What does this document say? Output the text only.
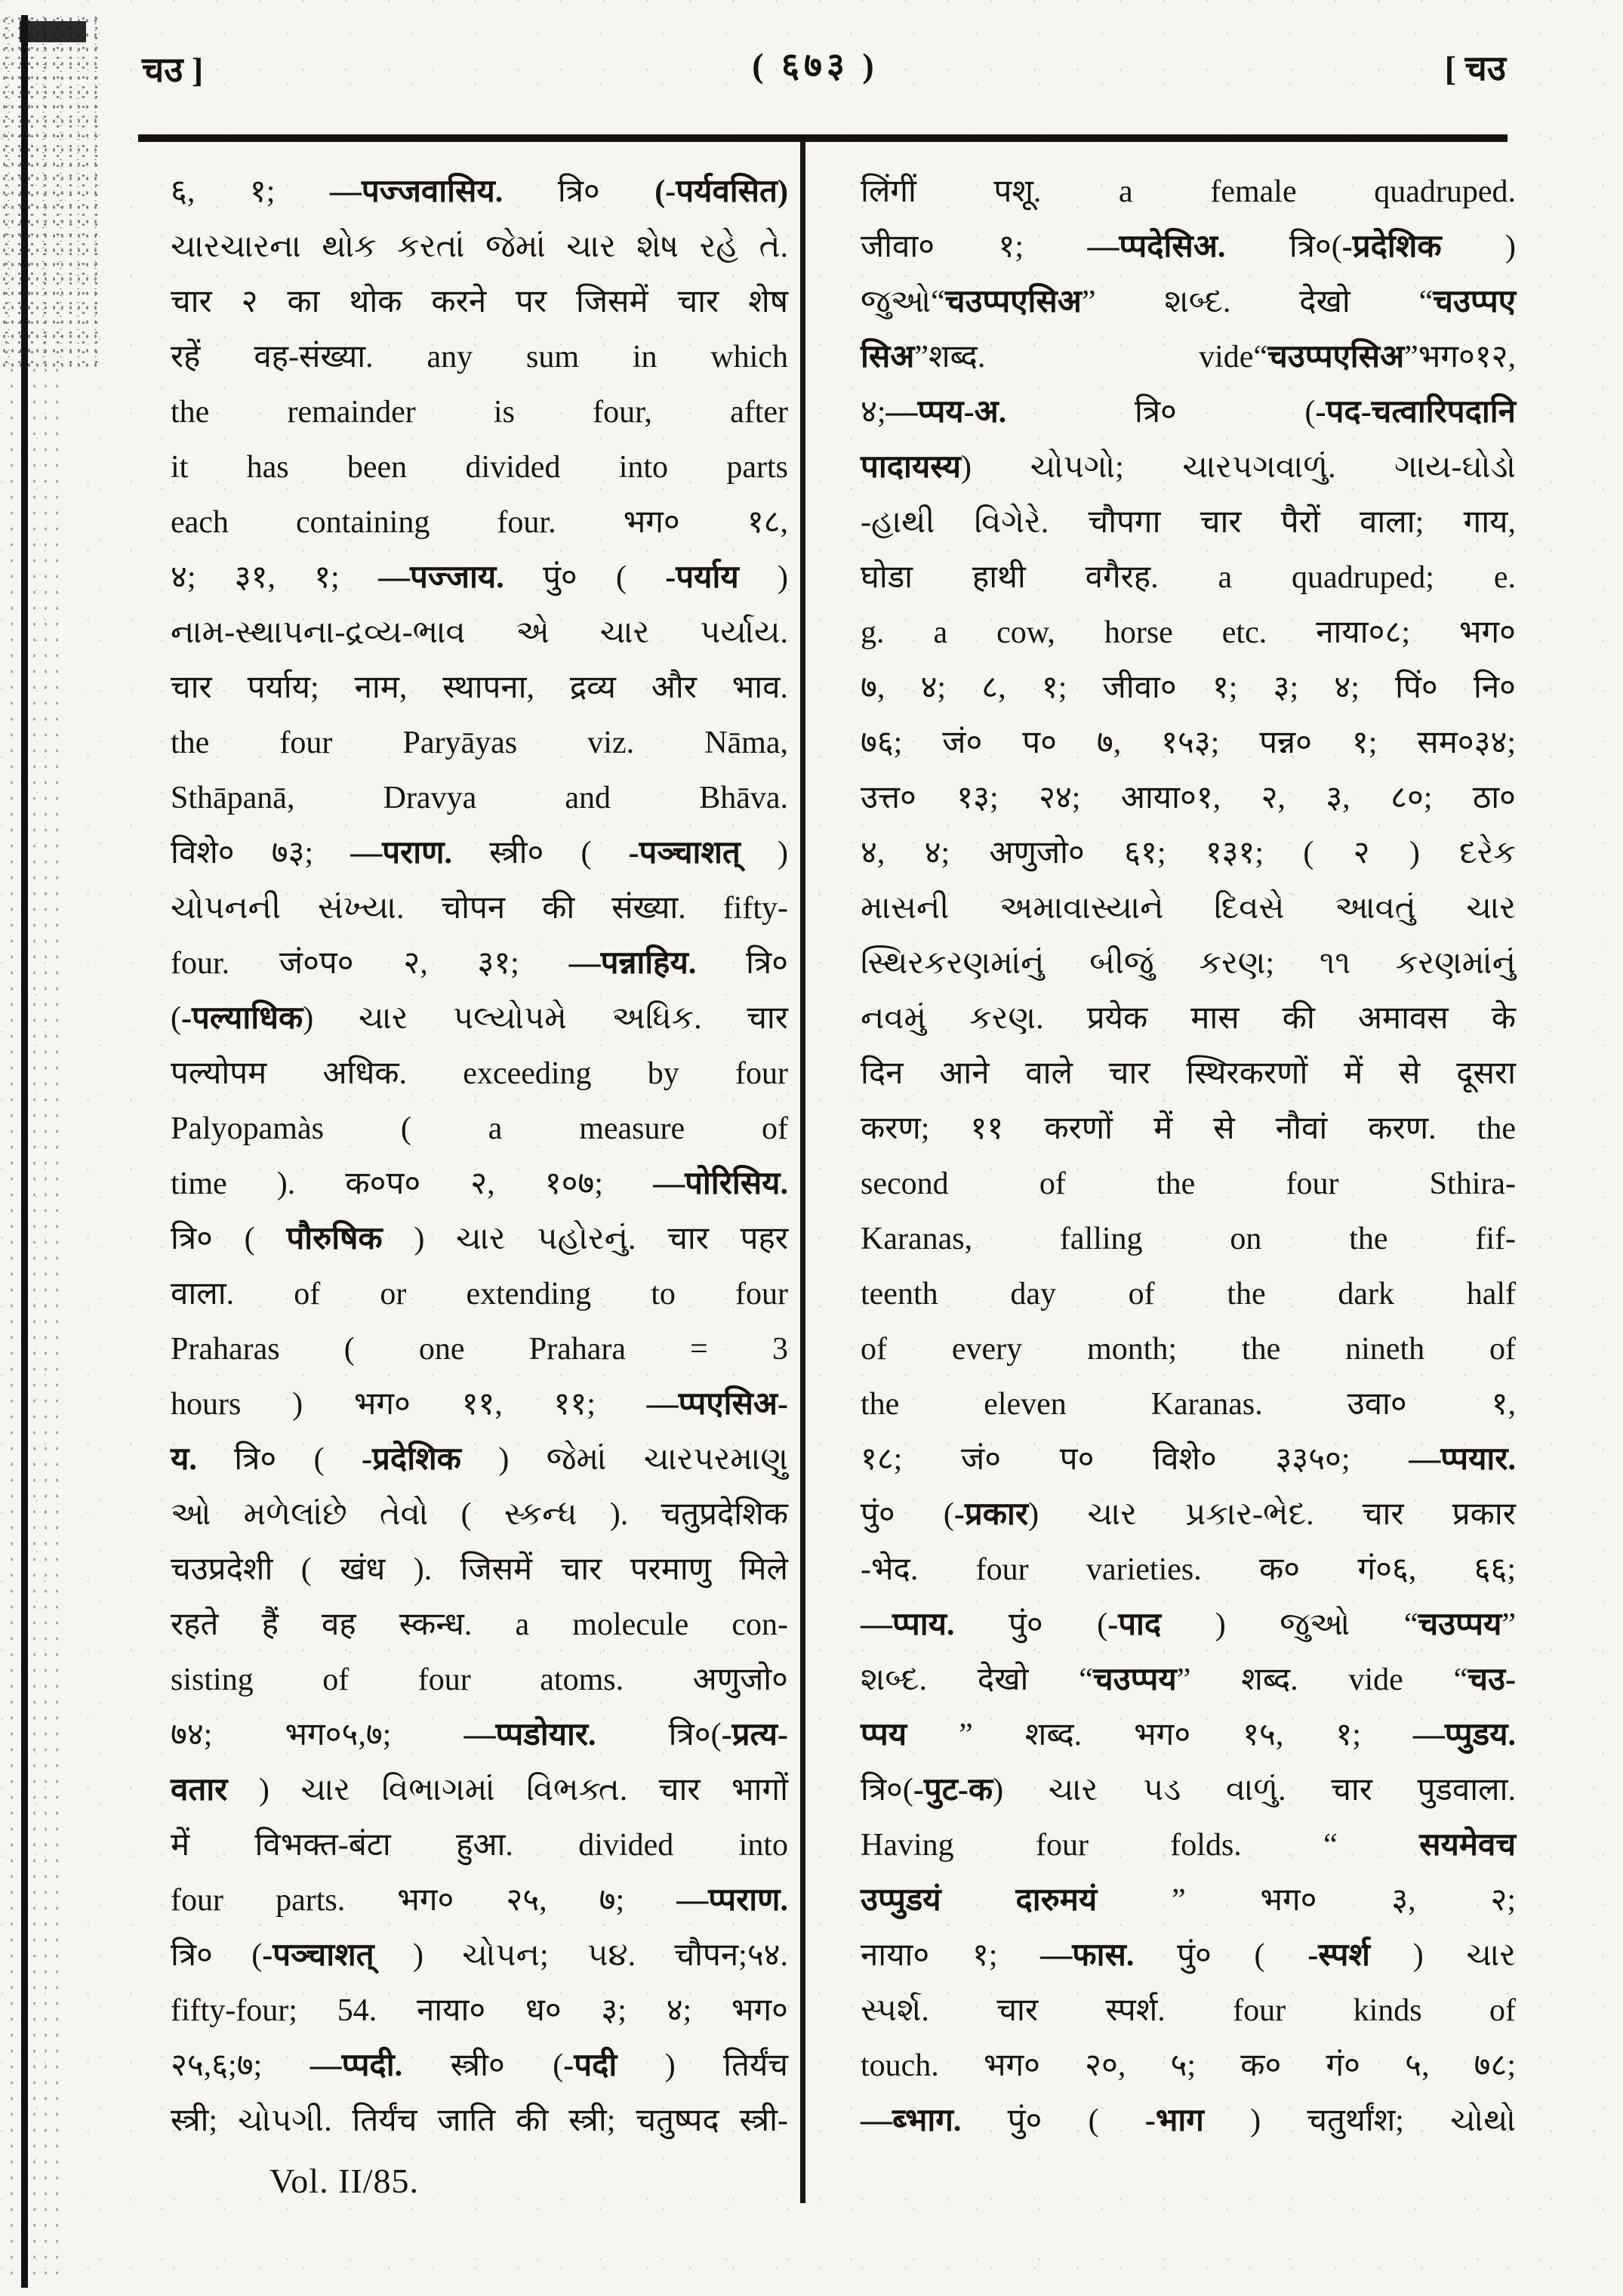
चउ ]	( ६७३ )	[ चउ
६, १; —पज्जवासिय. त्रि० (-पर्यवसित)
ચારચારના થોક કરતાં જેમાં ચાર શેષ રહે તે.
चार २ का थोक करने पर जिसमें चार शेष
रहें वह-संख्या. any sum in which
the remainder is four, after
it has been divided into parts
each containing four. भग० १८,
४; ३१, १; —पज्जाय. पुं० ( -पर्याय )
નામ-સ્થાપના-દ્રવ્ય-ભાવ એ ચાર પર્યાય.
चार पर्याय; नाम, स्थापना, द्रव्य और भाव.
the four Paryāyas viz. Nāma,
Sthāpanā, Dravya and Bhāva.
विशे० ७३; —पराण. स्त्री० ( -पञ्चाशत् )
ચોપનની સંખ્યા. चोपन की संख्या. fifty-
four. जं०प० २, ३१; —पन्नाहिय. त्रि०
(-पल्याधिक) ચાર પલ્યોપમે અધિક. चार
पल्योपम अधिक. exceeding by four
Palyopamàs ( a measure of
time ). क०प० २, १०७; —पोरिसिय.
त्रि० ( पौरुषिक ) ચાર પહોરનું. चार पहर
वाला. of or extending to four
Praharas ( one Prahara = 3
hours ) भग० ११, ११; —प्पएसिअ-
य. त्रि० ( -प्रदेशिक ) જેમાં ચારપરમાણુ
ઓ મળેલાંછે તેવો ( સ્કન્ધ ). चतुप्रदेशिक
चउप्रदेशी ( खंध ). जिसमें चार परमाणु मिले
रहते हैं वह स्कन्ध. a molecule con-
sisting of four atoms. अणुजो०
७४; भग०५,७; —प्पडोयार. त्रि०(-प्रत्य-
वतार ) ચાર વિભાગમાં વિભક્ત. चार भागों
में विभक्त-बंटा हुआ. divided into
four parts. भग० २५, ७; —प्पराण.
त्रि० (-पञ्चाशत् ) ચોપન; ૫૪. चौपन;५४.
fifty-four; 54. नाया० ध० ३; ४; भग०
२५,६;७; —प्पदी. स्त्री० (-पदी ) तिर्यंच
स्त्री; ચોપગી. तिर्यंच जाति की स्त्री; चतुष्पद स्त्री-
लिंगीं पशू. a female quadruped.
जीवा० १; —प्पदेसिअ. त्रि०(-प्रदेशिक )
જુઓ“चउप्पएसिअ” શબ્દ. देखो “चउप्पए
सिअ”शब्द. vide“चउप्पएसिअ”भग०१२,
४;—प्पय-अ. त्रि० (-पद-चत्वारिपदानि
पादायस्य) ચોપગો; ચારપગવાળું. ગાય-ઘોડો
-હાથી વિગેરે. चौपगा चार पैरों वाला; गाय,
घोडा हाथी वगैरह. a quadruped; e.
g. a cow, horse etc. नाया०८; भग०
७, ४; ८, १; जीवा० १; ३; ४; पिं० नि०
७६; जं० प० ७, १५३; पन्न० १; सम०३४;
उत्त० १३; २४; आया०१, २, ३, ८०; ठा०
४, ४; अणुजो० ६१; १३१; ( २ ) દરેક
માસની અમાવાસ્યાને દિવસે આવતું ચાર
સ્થિરકરણમાંનું બીજું કરણ; ૧૧ કરણમાંનું
નવમું કરણ. प्रयेक मास की अमावस के
दिन आने वाले चार स्थिरकरणों में से दूसरा
करण; ११ करणों में से नौवां करण. the
second of the four Sthira-
Karanas, falling on the fif-
teenth day of the dark half
of every month; the nineth of
the eleven Karanas. उवा० १,
१८; जं० प० विशे० ३३५०; —प्पयार.
पुं० (-प्रकार) ચાર પ્રકાર-ભેદ. चार प्रकार
-भेद. four varieties. क० गं०६, ६६;
—प्पाय. पुं० (-पाद ) જુઓ “चउप्पय”
શબ્દ. देखो “चउप्पय” शब्द. vide “चउ-
प्पय ” शब्द. भग० १५, १; —प्पुडय.
त्रि०(-पुट-क) ચાર પડ વાળું. चार पुडवाला.
Having four folds. “ सयमेवच
उप्पुडयं दारुमयं ” भग० ३, २;
नाया० १; —फास. पुं० ( -स्पर्श ) ચાર
સ્પર્શ. चार स्पर्श. four kinds of
touch. भग० २०, ५; क० गं० ५, ७८;
—ब्भाग. पुं० ( -भाग ) चतुर्थांश; ચોથો
Vol. II/85.
